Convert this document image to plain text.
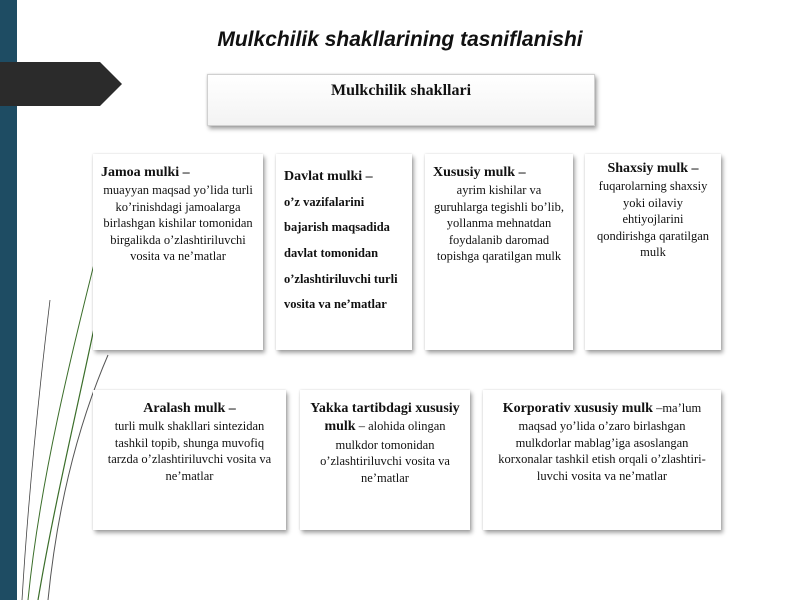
Mulkchilik shakllarining tasniflanishi
Mulkchilik shakllari
Jamoa mulki –
muayyan maqsad yo’lida turli ko’rinishdagi jamoalarga birlashgan kishilar tomonidan birgalikda o’zlashtiriluvchi vosita va ne’matlar
Davlat mulki –
o’z vazifalarini bajarish maqsadida davlat tomonidan o’zlashtiriluvchi turli vosita va ne’matlar
Xususiy mulk –
ayrim kishilar va guruhlarga tegishli bo’lib, yollanma mehnatdan foydalanib daromad topishga qaratilgan mulk
Shaxsiy mulk –
fuqarolarning shaxsiy yoki oilaviy ehtiyojlarini qondirishga qaratilgan mulk
Aralash mulk –
turli mulk shakllari sintezidan tashkil topib, shunga muvofiq tarzda o’zlashtiriluvchi vosita va ne’matlar
Yakka tartibdagi xususiy mulk – alohida olingan mulkdor tomonidan o’zlashtiriluvchi vosita va ne’matlar
Korporativ xususiy mulk –ma’lum maqsad yo’lida o’zaro birlashgan mulkdorlar mablag’iga asoslangan korxonalar tashkil etish orqali o’zlashtiri-luvchi vosita va ne’matlar
